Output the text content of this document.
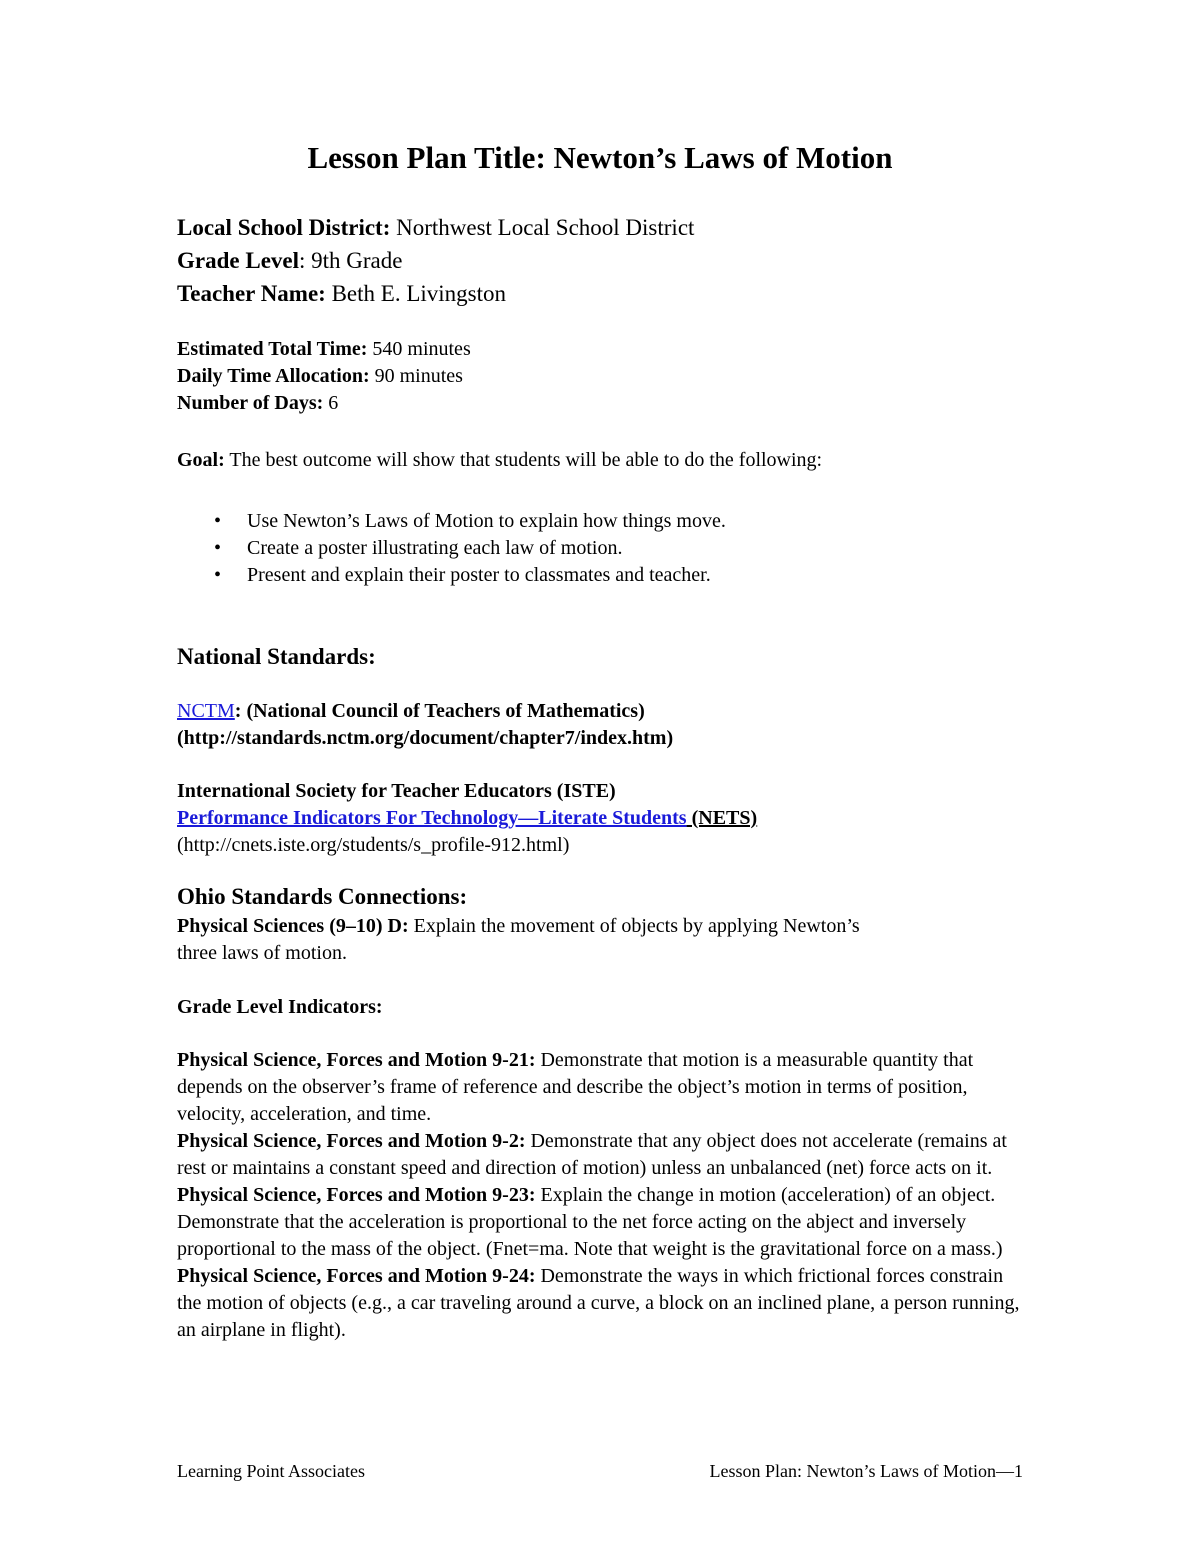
Lesson Plan Title: Newton’s Laws of Motion
Local School District: Northwest Local School District
Grade Level: 9th Grade
Teacher Name: Beth E. Livingston
Estimated Total Time: 540 minutes
Daily Time Allocation: 90 minutes
Number of Days: 6
Goal: The best outcome will show that students will be able to do the following:
• Use Newton’s Laws of Motion to explain how things move.
• Create a poster illustrating each law of motion.
• Present and explain their poster to classmates and teacher.
National Standards:
NCTM: (National Council of Teachers of Mathematics)
(http://standards.nctm.org/document/chapter7/index.htm)
International Society for Teacher Educators (ISTE)
Performance Indicators For Technology—Literate Students (NETS)
(http://cnets.iste.org/students/s_profile-912.html)
Ohio Standards Connections:
Physical Sciences (9–10) D: Explain the movement of objects by applying Newton’s
three laws of motion.
Grade Level Indicators:

Physical Science, Forces and Motion 9-21: Demonstrate that motion is a measurable quantity that depends on the observer’s frame of reference and describe the object’s motion in terms of position, velocity, acceleration, and time.

Physical Science, Forces and Motion 9-2: Demonstrate that any object does not accelerate (remains at rest or maintains a constant speed and direction of motion) unless an unbalanced (net) force acts on it.

Physical Science, Forces and Motion 9-23: Explain the change in motion (acceleration) of an object. Demonstrate that the acceleration is proportional to the net force acting on the abject and inversely proportional to the mass of the object. (Fnet=ma. Note that weight is the gravitational force on a mass.)

Physical Science, Forces and Motion 9-24: Demonstrate the ways in which frictional forces constrain the motion of objects (e.g., a car traveling around a curve, a block on an inclined plane, a person running, an airplane in flight).

Learning Point Associates	Lesson Plan: Newton’s Laws of Motion—1
